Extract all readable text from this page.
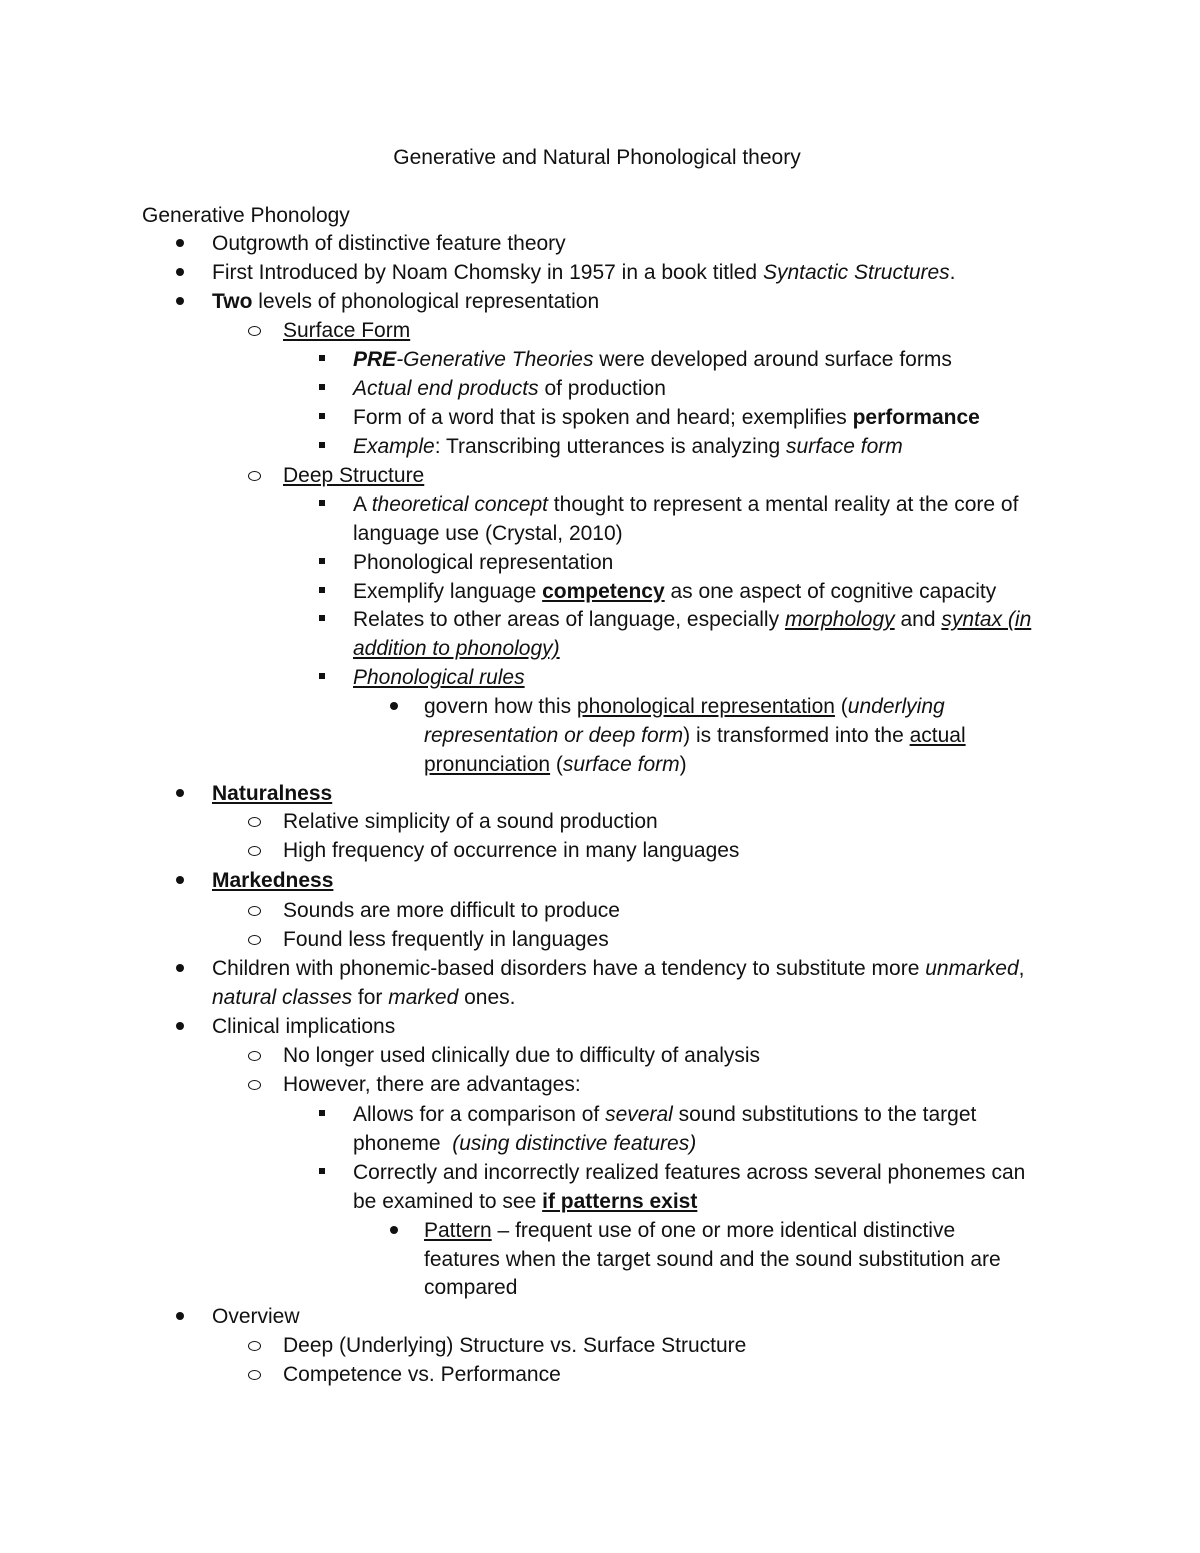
Generative and Natural Phonological theory
Generative Phonology
Outgrowth of distinctive feature theory
First Introduced by Noam Chomsky in 1957 in a book titled Syntactic Structures.
Two levels of phonological representation
Surface Form
PRE-Generative Theories were developed around surface forms
Actual end products of production
Form of a word that is spoken and heard; exemplifies performance
Example: Transcribing utterances is analyzing surface form
Deep Structure
A theoretical concept thought to represent a mental reality at the core of
language use (Crystal, 2010)
Phonological representation
Exemplify language competency as one aspect of cognitive capacity
Relates to other areas of language, especially morphology and syntax (in
addition to phonology)
Phonological rules
govern how this phonological representation (underlying
representation or deep form) is transformed into the actual
pronunciation (surface form)
Naturalness
Relative simplicity of a sound production
High frequency of occurrence in many languages
Markedness
Sounds are more difficult to produce
Found less frequently in languages
Children with phonemic-based disorders have a tendency to substitute more unmarked,
natural classes for marked ones.
Clinical implications
No longer used clinically due to difficulty of analysis
However, there are advantages:
Allows for a comparison of several sound substitutions to the target
phoneme  (using distinctive features)
Correctly and incorrectly realized features across several phonemes can
be examined to see if patterns exist
Pattern – frequent use of one or more identical distinctive
features when the target sound and the sound substitution are
compared
Overview
Deep (Underlying) Structure vs. Surface Structure
Competence vs. Performance
